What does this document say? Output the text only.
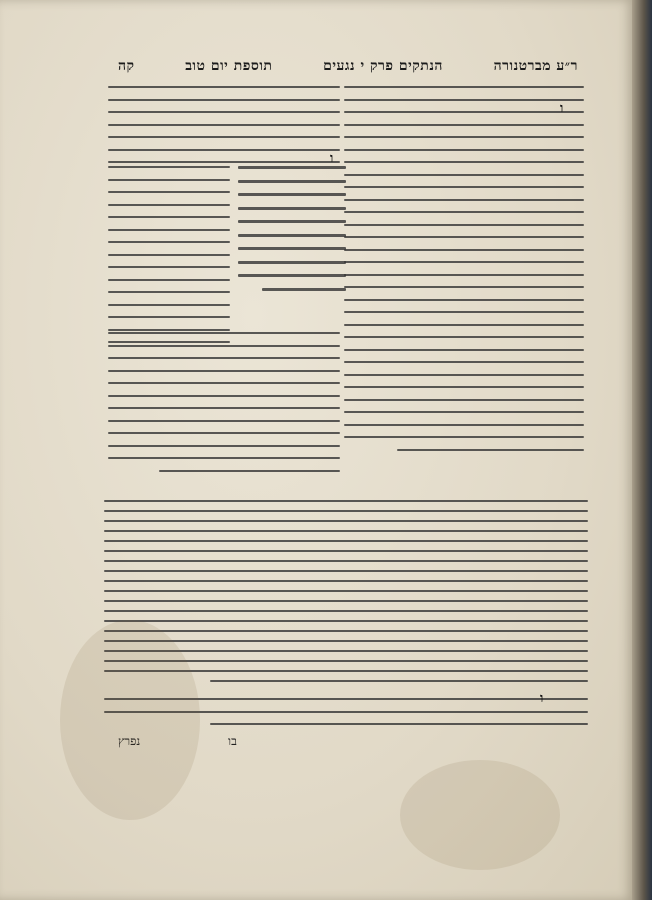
ר״ע מברטנורה
הנתקים פרק י נגעים
תוספת יום טוב
קה
ו
ו
ו
נפרץ	בו
